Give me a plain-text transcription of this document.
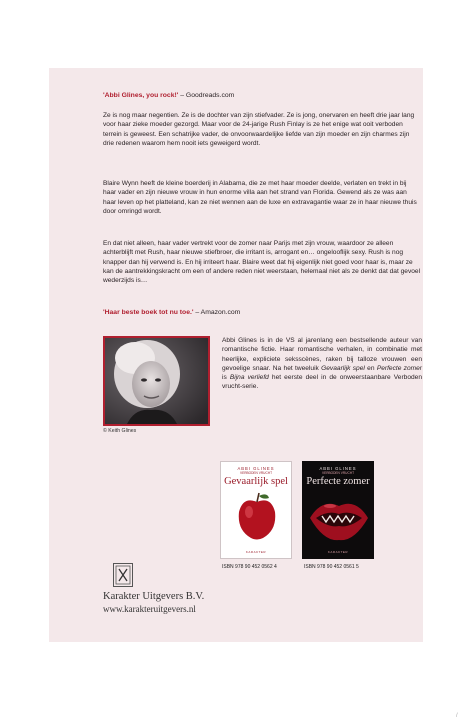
'Abbi Glines, you rock!' – Goodreads.com
Ze is nog maar negentien. Ze is de dochter van zijn stiefvader. Ze is jong, onervaren en heeft drie jaar lang voor haar zieke moeder gezorgd. Maar voor de 24-jarige Rush Finlay is ze het enige wat ooit verboden terrein is geweest. Een schatrijke vader, de onvoorwaardelijke liefde van zijn moeder en zijn charmes zijn drie redenen waarom hem nooit iets geweigerd wordt.
Blaire Wynn heeft de kleine boerderij in Alabama, die ze met haar moeder deelde, verlaten en trekt in bij haar vader en zijn nieuwe vrouw in hun enorme villa aan het strand van Florida. Gewend als ze was aan haar leven op het platteland, kan ze niet wennen aan de luxe en extravagantie waar ze in haar nieuwe thuis door omringd wordt.
En dat niet alleen, haar vader vertrekt voor de zomer naar Parijs met zijn vrouw, waardoor ze alleen achterblijft met Rush, haar nieuwe stiefbroer, die irritant is, arrogant en… ongelooflijk sexy. Rush is nog knapper dan hij verwend is. En hij irriteert haar. Blaire weet dat hij eigenlijk niet goed voor haar is, maar ze kan de aantrekkingskracht om een of andere reden niet weerstaan, helemaal niet als ze denkt dat dat gevoel wederzijds is…
'Haar beste boek tot nu toe.' – Amazon.com
© Keith Glines
Abbi Glines is in de VS al jarenlang een bestsellende auteur van romantische fictie. Haar romantische verhalen, in combinatie met heerlijke, expliciete seksscènes, raken bij talloze vrouwen een gevoelige snaar. Na het tweeluik Gevaarlijk spel en Perfecte zomer is Bijna verliefd het eerste deel in de onweerstaanbare Verboden vrucht-serie.
ABBI GLINES
VERBODEN VRUCHT
Gevaarlijk spel
KARAKTER
ABBI GLINES
VERBODEN VRUCHT
Perfecte zomer
KARAKTER
ISBN 978 90 452 0562 4	ISBN 978 90 452 0561 5
Karakter Uitgevers B.V.
www.karakteruitgevers.nl
/
